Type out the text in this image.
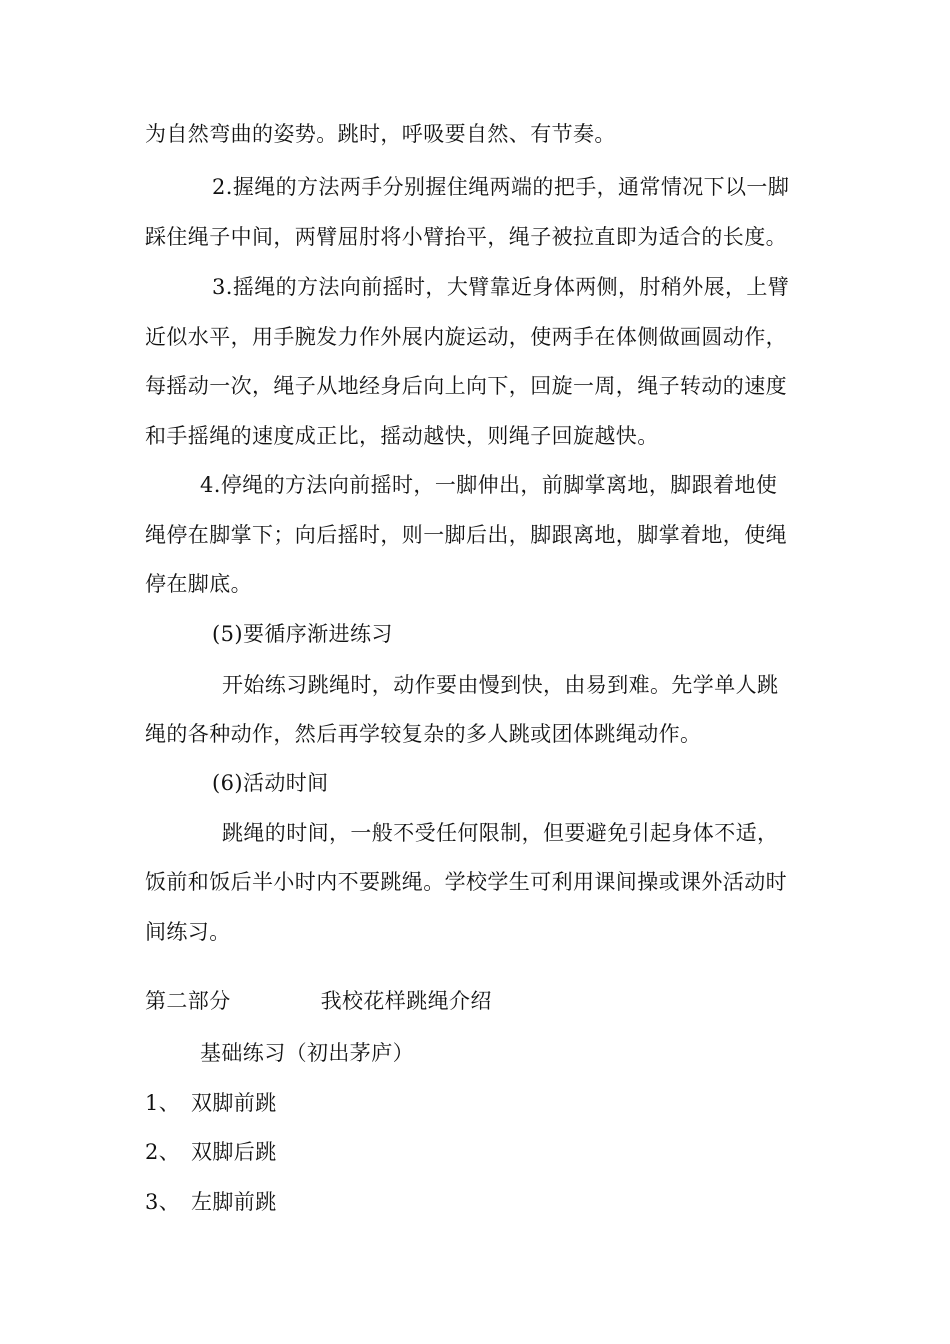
为自然弯曲的姿势。跳时，呼吸要自然、有节奏。
2.握绳的方法两手分别握住绳两端的把手，通常情况下以一脚
踩住绳子中间，两臂屈肘将小臂抬平，绳子被拉直即为适合的长度。
3.摇绳的方法向前摇时，大臂靠近身体两侧，肘稍外展，上臂
近似水平，用手腕发力作外展内旋运动，使两手在体侧做画圆动作，
每摇动一次，绳子从地经身后向上向下，回旋一周，绳子转动的速度
和手摇绳的速度成正比，摇动越快，则绳子回旋越快。
4.停绳的方法向前摇时，一脚伸出，前脚掌离地，脚跟着地使
绳停在脚掌下；向后摇时，则一脚后出，脚跟离地，脚掌着地，使绳
停在脚底。
(5)要循序渐进练习
开始练习跳绳时，动作要由慢到快，由易到难。先学单人跳
绳的各种动作，然后再学较复杂的多人跳或团体跳绳动作。
(6)活动时间
跳绳的时间，一般不受任何限制，但要避免引起身体不适，
饭前和饭后半小时内不要跳绳。学校学生可利用课间操或课外活动时
间练习。
第二部分	我校花样跳绳介绍
基础练习（初出茅庐）
1、 双脚前跳
2、 双脚后跳
3、 左脚前跳
